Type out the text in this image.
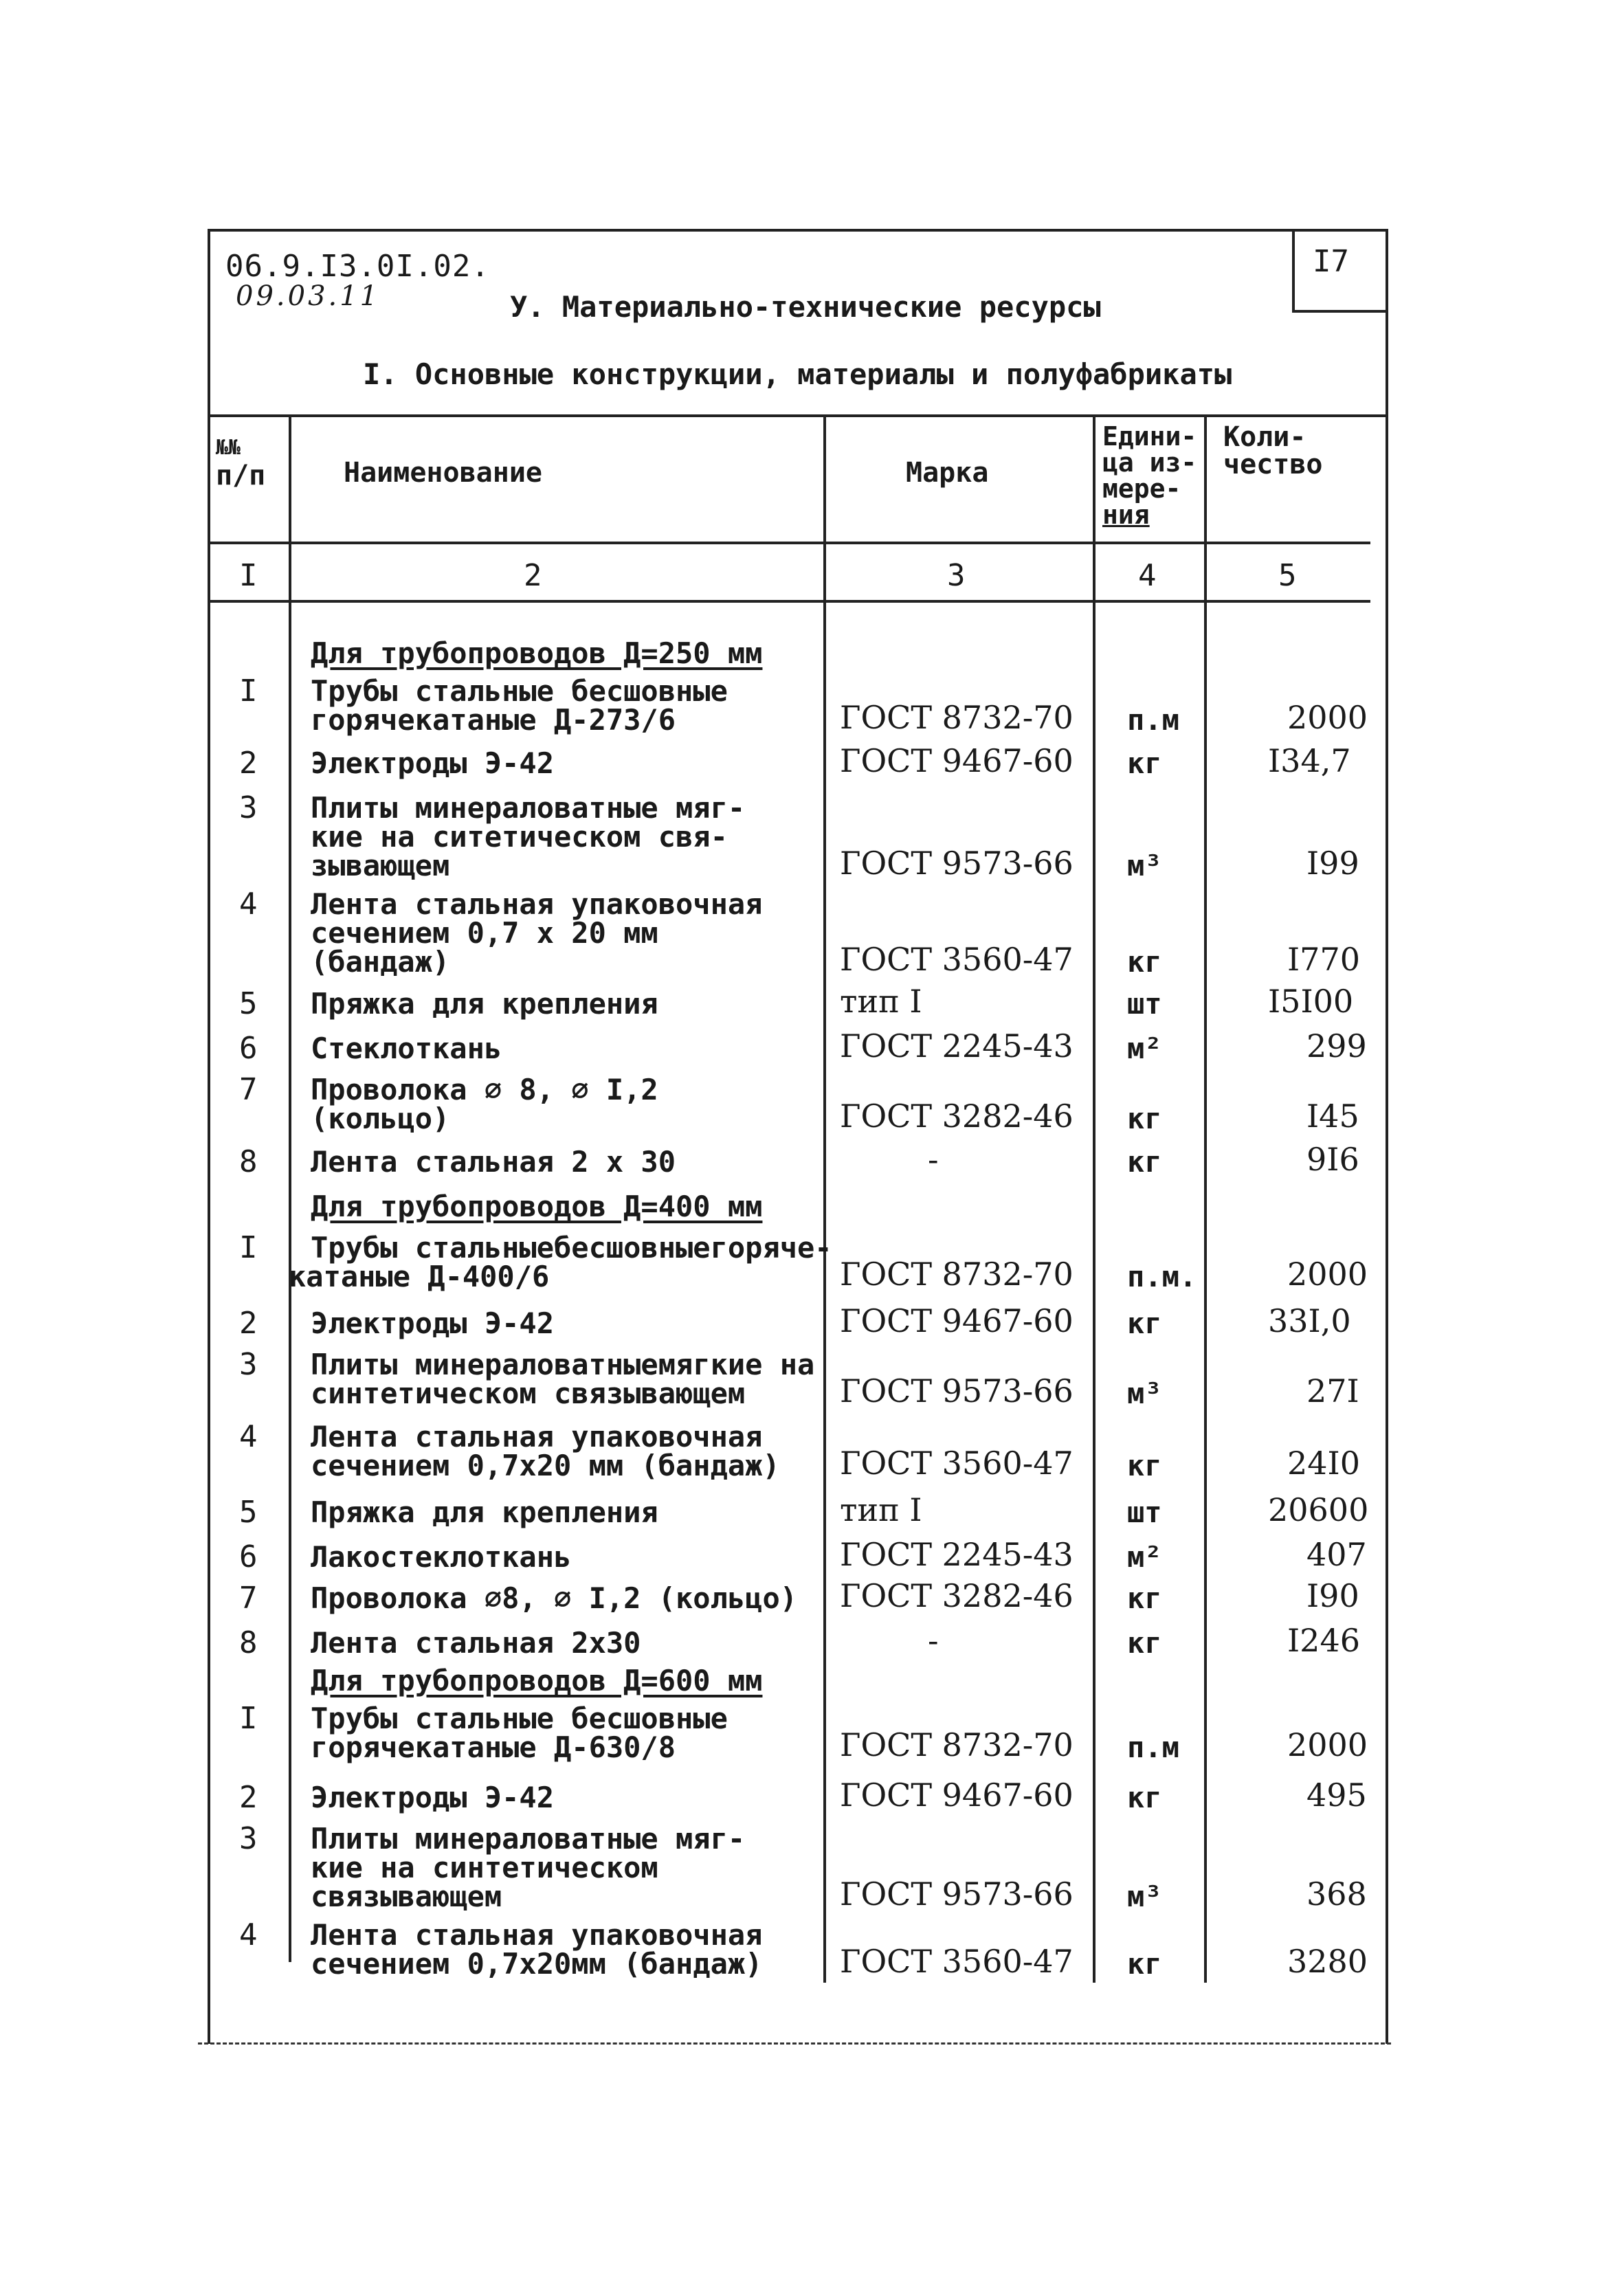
06.9.I3.0I.02.
09.03.11
I7
У. Материально-технические ресурсы
I. Основные конструкции, материалы и полуфабрикаты
№№
п/п	Наименование	Марка
Едини-
ца из-
мере-
ния
Коли-
чество
I	2	3	4	5
Для трубопроводов Д=250 мм
I Трубы стальные бесшовные
горячекатаные Д-273/6	ГОСТ 8732-70 п.м	2000
2 Электроды Э-42	ГОСТ 9467-60 кг	I34,7
3 Плиты минераловатные мяг-
кие на ситетическом свя-
зывающем	ГОСТ 9573-66 м³	I99
4 Лента стальная упаковочная
сечением 0,7 x 20 мм
(бандаж)	ГОСТ 3560-47 кг	I770
5 Пряжка для крепления	тип I	шт	I5I00
6 Стеклоткань	ГОСТ 2245-43 м²	299
7 Проволока ∅ 8, ∅ I,2
(кольцо)	ГОСТ 3282-46 кг	I45
8 Лента стальная 2 x 30	-	кг	9I6
Для трубопроводов Д=400 мм
I Трубы стальныебесшовныегоряче-
катаные Д-400/6	ГОСТ 8732-70 п.м.	2000
2 Электроды Э-42	ГОСТ 9467-60 кг	33I,0
3 Плиты минераловатныемягкие на
синтетическом связывающем	ГОСТ 9573-66 м³	27I
4 Лента стальная упаковочная
сечением 0,7x20 мм (бандаж) ГОСТ 3560-47 кг	24I0
5 Пряжка для крепления	тип I	шт	20600
6 Лакостеклоткань	ГОСТ 2245-43 м²	407
7 Проволока ∅8, ∅ I,2 (кольцо) ГОСТ 3282-46 кг	I90
8 Лента стальная 2x30	-	кг	I246
Для трубопроводов Д=600 мм
I Трубы стальные бесшовные
горячекатаные Д-630/8	ГОСТ 8732-70 п.м	2000
2 Электроды Э-42	ГОСТ 9467-60 кг	495
3 Плиты минераловатные мяг-
кие на синтетическом
связывающем	ГОСТ 9573-66 м³	368
4 Лента стальная упаковочная
сечением 0,7x20мм (бандаж) ГОСТ 3560-47 кг	3280
